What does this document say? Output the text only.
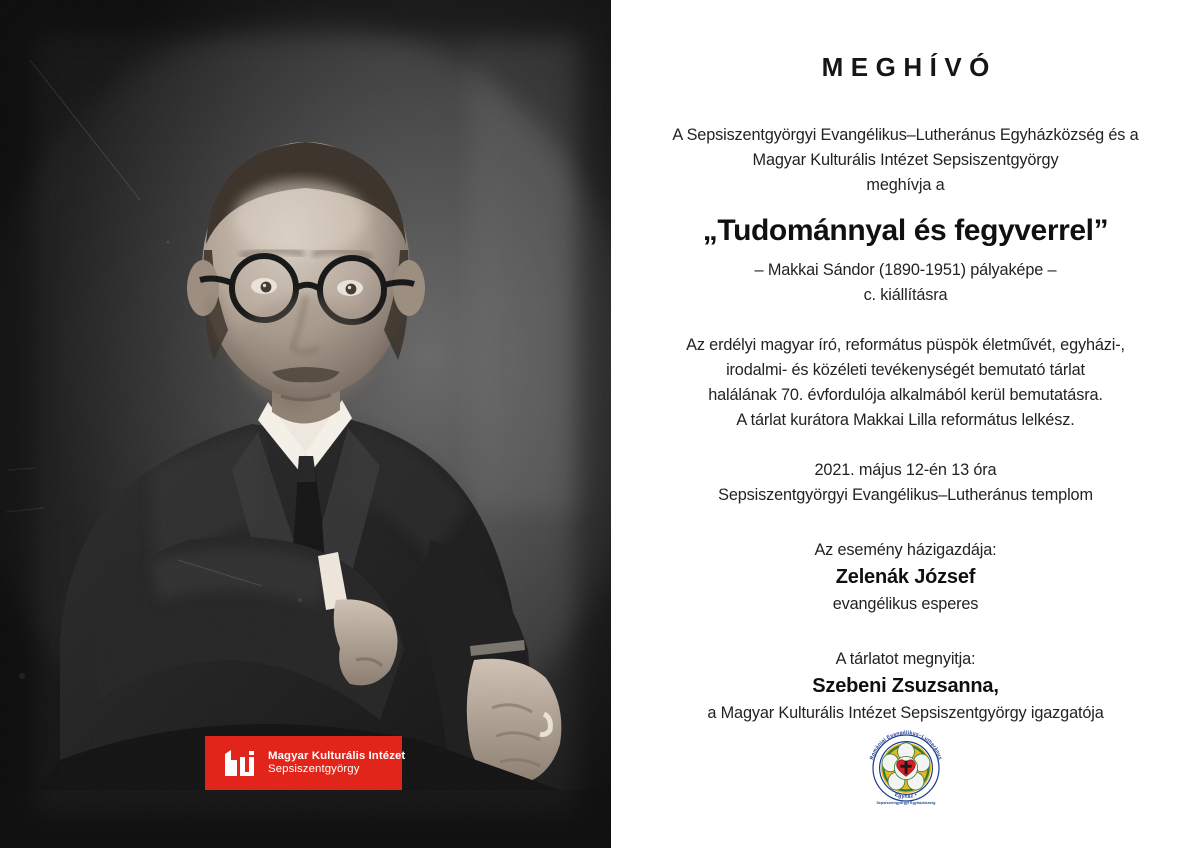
Magyar Kulturális Intézet
Sepsiszentgyörgy
MEGHÍVÓ
A Sepsiszentgyörgyi Evangélikus–Lutheránus Egyházközség és a
Magyar Kulturális Intézet Sepsiszentgyörgy
meghívja a
„Tudománnyal és fegyverrel”
– Makkai Sándor (1890-1951) pályaképe –
c. kiállításra
Az erdélyi magyar író, református püspök életművét, egyházi-,
irodalmi- és közéleti tevékenységét bemutató tárlat
halálának 70. évfordulója alkalmából kerül bemutatásra.
A tárlat kurátora Makkai Lilla református lelkész.
2021. május 12-én 13 óra
Sepsiszentgyörgyi Evangélikus–Lutheránus templom
Az esemény házigazdája:
Zelenák József
evangélikus esperes
A tárlatot megnyitja:
Szebeni Zsuzsanna,
a Magyar Kulturális Intézet Sepsiszentgyörgy igazgatója
Romániai Evangélikus–Lutheránus
Egyház •
Sepsiszentgyörgyi Egyházközség
